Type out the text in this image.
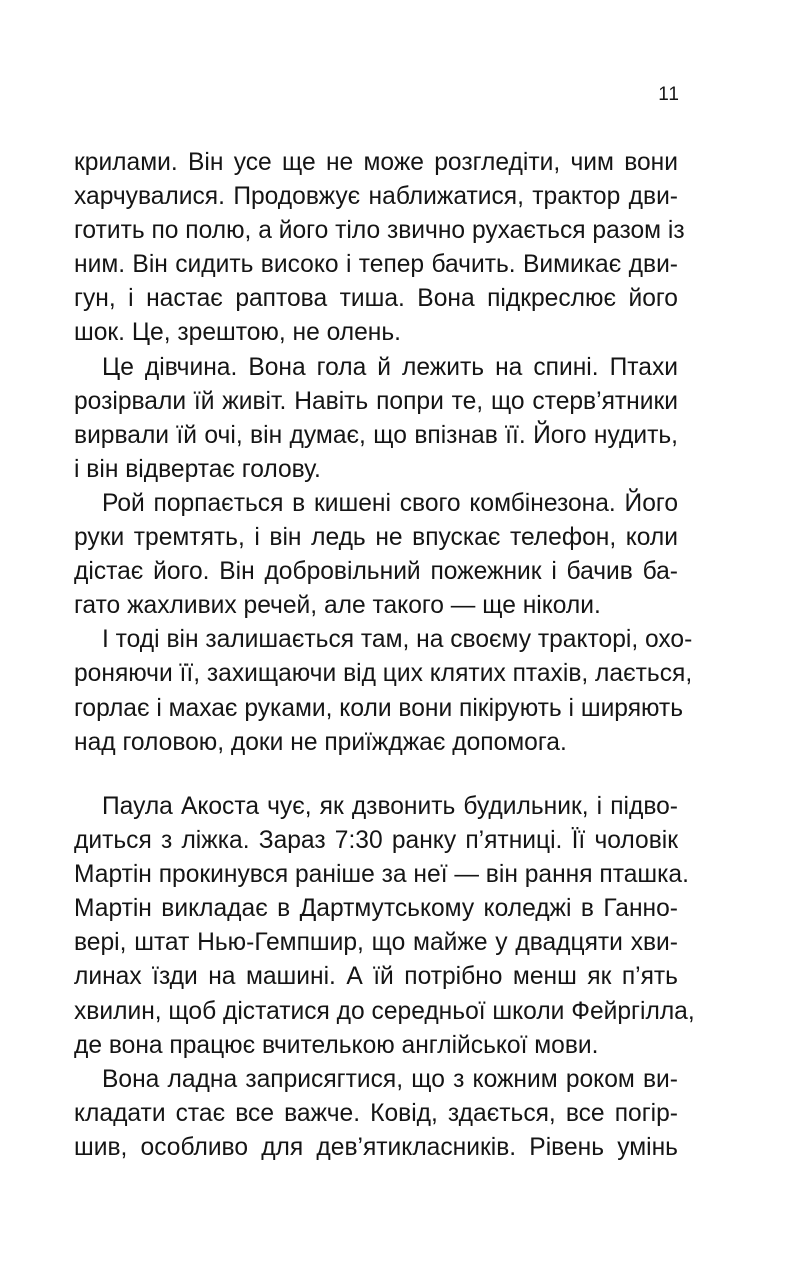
11
крилами. Він усе ще не може розгледіти, чим вони
харчувалися. Продовжує наближатися, трактор дви-
готить по полю, а його тіло звично рухається разом із
ним. Він сидить високо і тепер бачить. Вимикає дви-
гун, і настає раптова тиша. Вона підкреслює його
шок. Це, зрештою, не олень.
Це дівчина. Вона гола й лежить на спині. Птахи
розірвали їй живіт. Навіть попри те, що стерв’ятники
вирвали їй очі, він думає, що впізнав її. Його нудить,
і він відвертає голову.
Рой порпається в кишені свого комбінезона. Його
руки тремтять, і він ледь не впускає телефон, коли
дістає його. Він добровільний пожежник і бачив ба-
гато жахливих речей, але такого — ще ніколи.
І тоді він залишається там, на своєму тракторі, охо-
роняючи її, захищаючи від цих клятих птахів, лається,
горлає і махає руками, коли вони пікірують і ширяють
над головою, доки не приїжджає допомога.
Паула Акоста чує, як дзвонить будильник, і підво-
диться з ліжка. Зараз 7:30 ранку п’ятниці. Її чоловік
Мартін прокинувся раніше за неї — він рання пташка.
Мартін викладає в Дартмутському коледжі в Ганно-
вері, штат Нью-Гемпшир, що майже у двадцяти хви-
линах їзди на машині. А їй потрібно менш як п’ять
хвилин, щоб дістатися до середньої школи Фейргілла,
де вона працює вчителькою англійської мови.
Вона ладна заприсягтися, що з кожним роком ви-
кладати стає все важче. Ковід, здається, все погір-
шив, особливо для дев’ятикласників. Рівень умінь
